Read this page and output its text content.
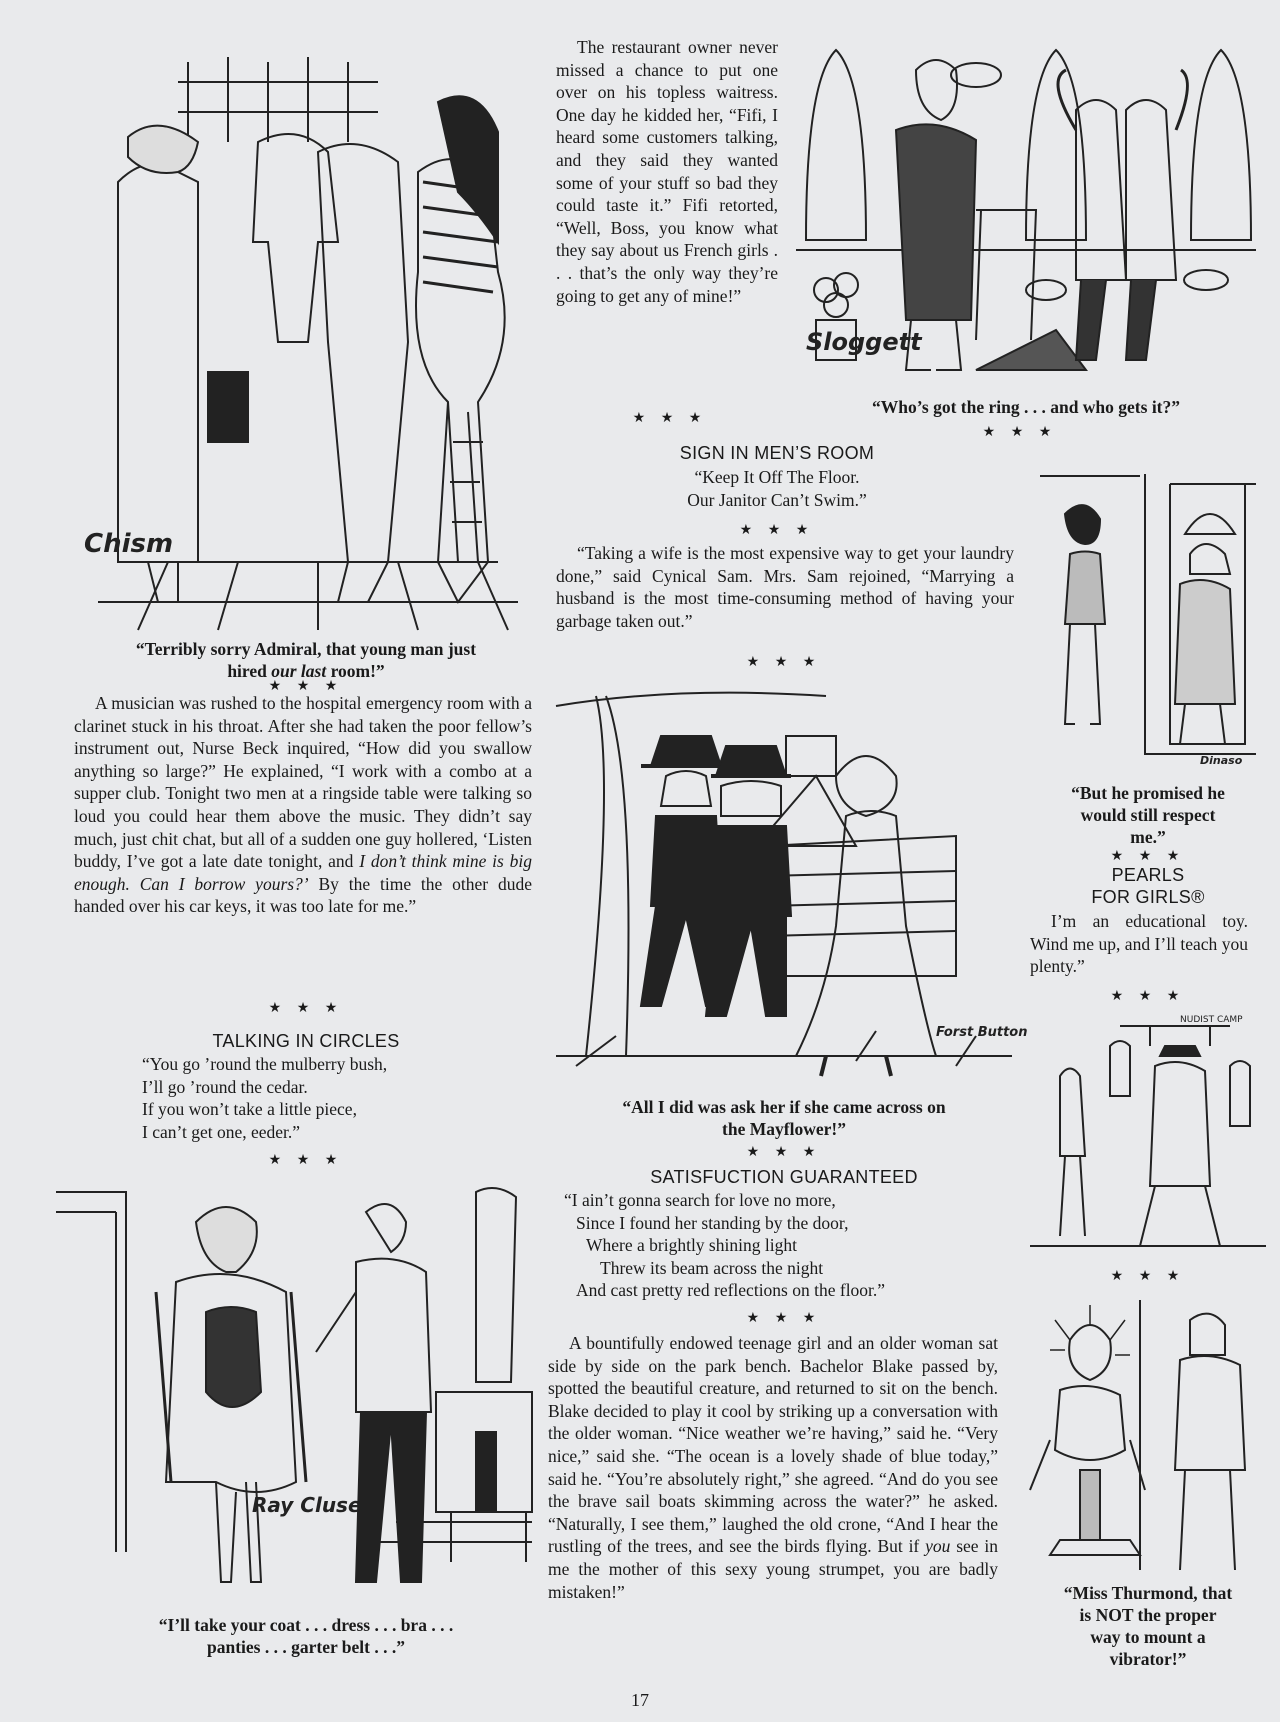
Chism
“Terribly sorry Admiral, that young man just
hired our last room!”
★ ★ ★

A musician was rushed to the hospital emergency room with a clarinet stuck in his throat. After she had taken the poor fellow’s instrument out, Nurse Beck inquired, “How did you swallow anything so large?” He explained, “I work with a combo at a supper club. Tonight two men at a ringside table were talking so loud you could hear them above the music. They didn’t say much, just chit chat, but all of a sudden one guy hollered, ‘Listen buddy, I’ve got a late date tonight, and I don’t think mine is big enough. Can I borrow yours?’ By the time the other dude handed over his car keys, it was too late for me.”

★ ★ ★
TALKING IN CIRCLES
“You go ’round the mulberry bush,
I’ll go ’round the cedar.
If you won’t take a little piece,
I can’t get one, eeder.”
★ ★ ★
Ray Cluse
“I’ll take your coat . . . dress . . . bra . . .
panties . . . garter belt . . .”

The restaurant owner never missed a chance to put one over on his topless waitress. One day he kidded her, “Fifi, I heard some customers talking, and they said they wanted some of your stuff so bad they could taste it.” Fifi retorted, “Well, Boss, you know what they say about us French girls . . . that’s the only way they’re going to get any of mine!”

★ ★ ★
Sloggett
“Who’s got the ring . . . and who gets it?”
★ ★ ★
SIGN IN MEN’S ROOM
“Keep It Off The Floor.
Our Janitor Can’t Swim.”
★ ★ ★

“Taking a wife is the most expensive way to get your laundry done,” said Cynical Sam. Mrs. Sam rejoined, “Marrying a husband is the most time-consuming method of having your garbage taken out.”

★ ★ ★
Forst Button
“All I did was ask her if she came across on
the Mayflower!”
★ ★ ★
SATISFUCTION GUARANTEED
“I ain’t gonna search for love no more,
Since I found her standing by the door,
Where a brightly shining light
Threw its beam across the night
And cast pretty red reflections on the floor.”
★ ★ ★

A bountifully endowed teenage girl and an older woman sat side by side on the park bench. Bachelor Blake passed by, spotted the beautiful creature, and returned to sit on the bench. Blake decided to play it cool by striking up a conversation with the older woman. “Nice weather we’re having,” said he. “Very nice,” said she. “The ocean is a lovely shade of blue today,” said he. “You’re absolutely right,” she agreed. “And do you see the brave sail boats skimming across the water?” he asked. “Naturally, I see them,” laughed the old crone, “And I hear the rustling of the trees, and see the birds flying. But if you see in me the mother of this sexy young strumpet, you are badly mistaken!”

Dinaso
“But he promised he
would still respect
me.”
★ ★ ★
PEARLS
FOR GIRLS®

I’m an educational toy. Wind me up, and I’ll teach you plenty.”

★ ★ ★
NUDIST CAMP
★ ★ ★
“Miss Thurmond, that
is NOT the proper
way to mount a
vibrator!”
17
